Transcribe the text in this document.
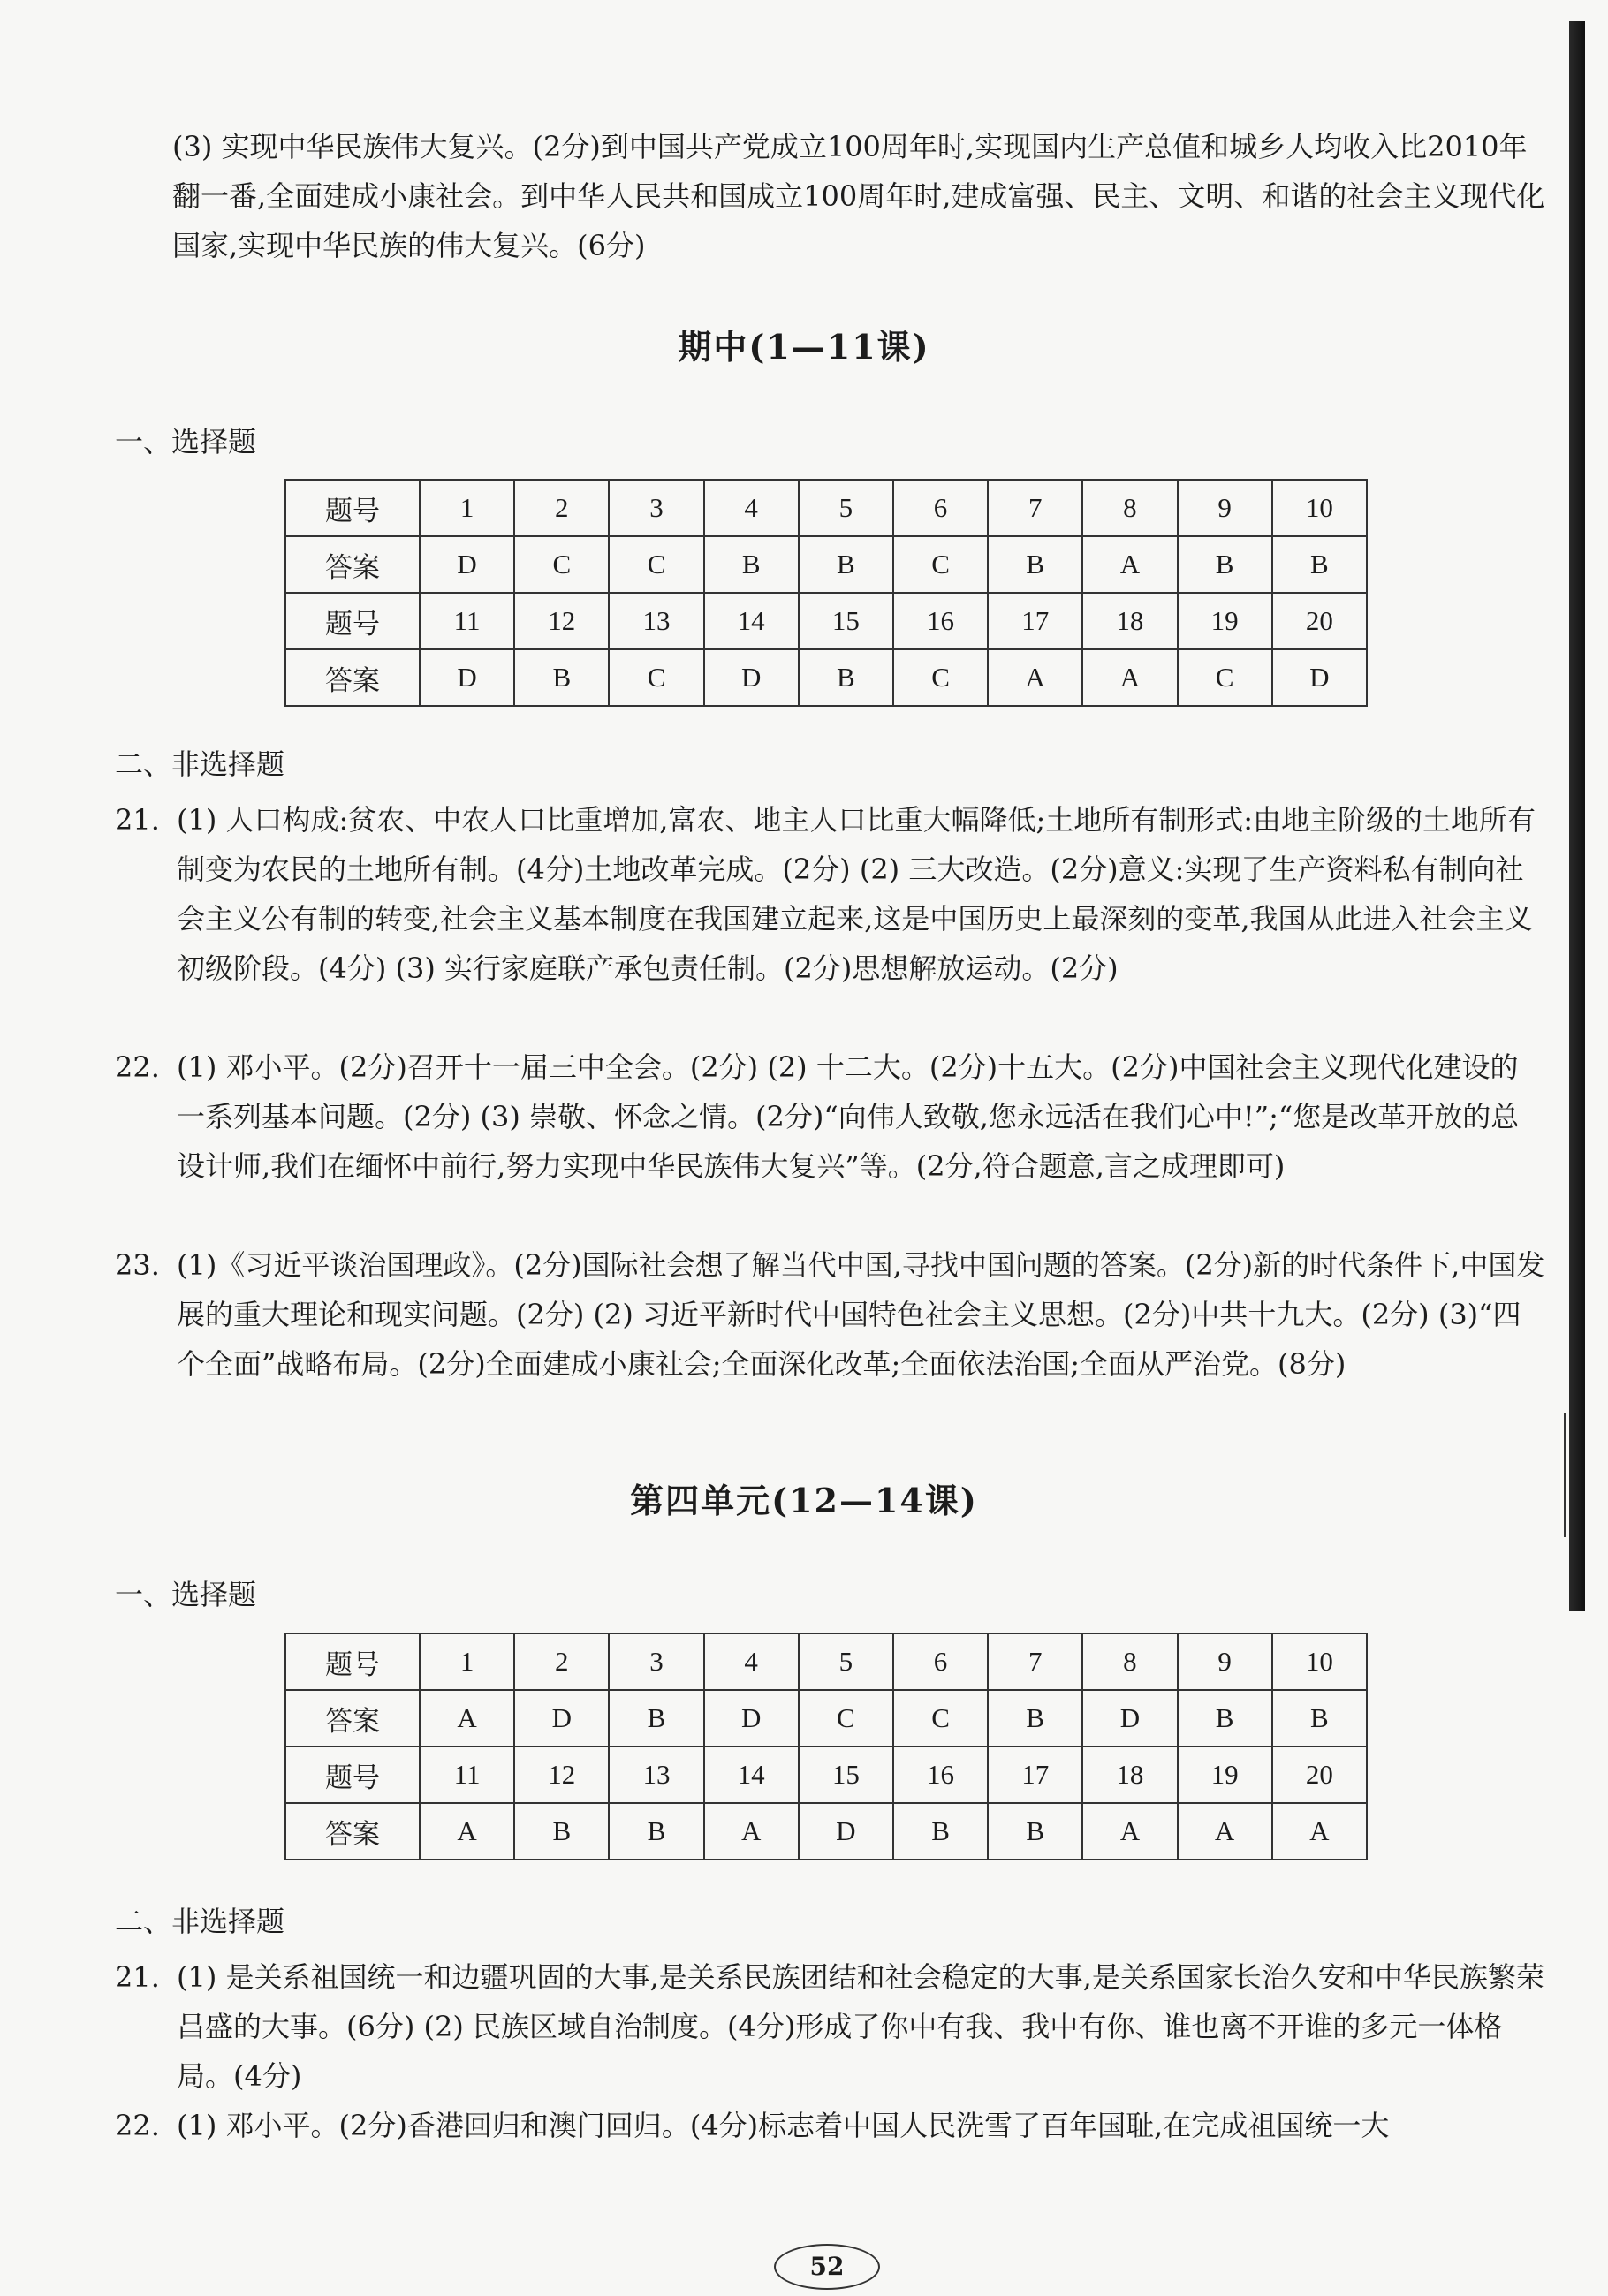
(3) 实现中华民族伟大复兴。(2分)到中国共产党成立100周年时,实现国内生产总值和城乡人均收入比2010年翻一番,全面建成小康社会。到中华人民共和国成立100周年时,建成富强、民主、文明、和谐的社会主义现代化国家,实现中华民族的伟大复兴。(6分)

期中(1—11课)

一、选择题

题号	1	2	3	4	5	6	7	8	9	10
答案	D	C	C	B	B	C	B	A	B	B
题号	11	12	13	14	15	16	17	18	19	20
答案	D	B	C	D	B	C	A	A	C	D

二、非选择题

21. (1) 人口构成:贫农、中农人口比重增加,富农、地主人口比重大幅降低;土地所有制形式:由地主阶级的土地所有制变为农民的土地所有制。(4分)土地改革完成。(2分) (2) 三大改造。(2分)意义:实现了生产资料私有制向社会主义公有制的转变,社会主义基本制度在我国建立起来,这是中国历史上最深刻的变革,我国从此进入社会主义初级阶段。(4分) (3) 实行家庭联产承包责任制。(2分)思想解放运动。(2分)
22. (1) 邓小平。(2分)召开十一届三中全会。(2分) (2) 十二大。(2分)十五大。(2分)中国社会主义现代化建设的一系列基本问题。(2分) (3) 崇敬、怀念之情。(2分)“向伟人致敬,您永远活在我们心中!”;“您是改革开放的总设计师,我们在缅怀中前行,努力实现中华民族伟大复兴”等。(2分,符合题意,言之成理即可)
23. (1)《习近平谈治国理政》。(2分)国际社会想了解当代中国,寻找中国问题的答案。(2分)新的时代条件下,中国发展的重大理论和现实问题。(2分) (2) 习近平新时代中国特色社会主义思想。(2分)中共十九大。(2分) (3)“四个全面”战略布局。(2分)全面建成小康社会;全面深化改革;全面依法治国;全面从严治党。(8分)
第四单元(12—14课)

一、选择题

题号	1	2	3	4	5	6	7	8	9	10
答案	A	D	B	D	C	C	B	D	B	B
题号	11	12	13	14	15	16	17	18	19	20
答案	A	B	B	A	D	B	B	A	A	A

二、非选择题

21. (1) 是关系祖国统一和边疆巩固的大事,是关系民族团结和社会稳定的大事,是关系国家长治久安和中华民族繁荣昌盛的大事。(6分) (2) 民族区域自治制度。(4分)形成了你中有我、我中有你、谁也离不开谁的多元一体格局。(4分)
22. (1) 邓小平。(2分)香港回归和澳门回归。(4分)标志着中国人民洗雪了百年国耻,在完成祖国统一大
52
